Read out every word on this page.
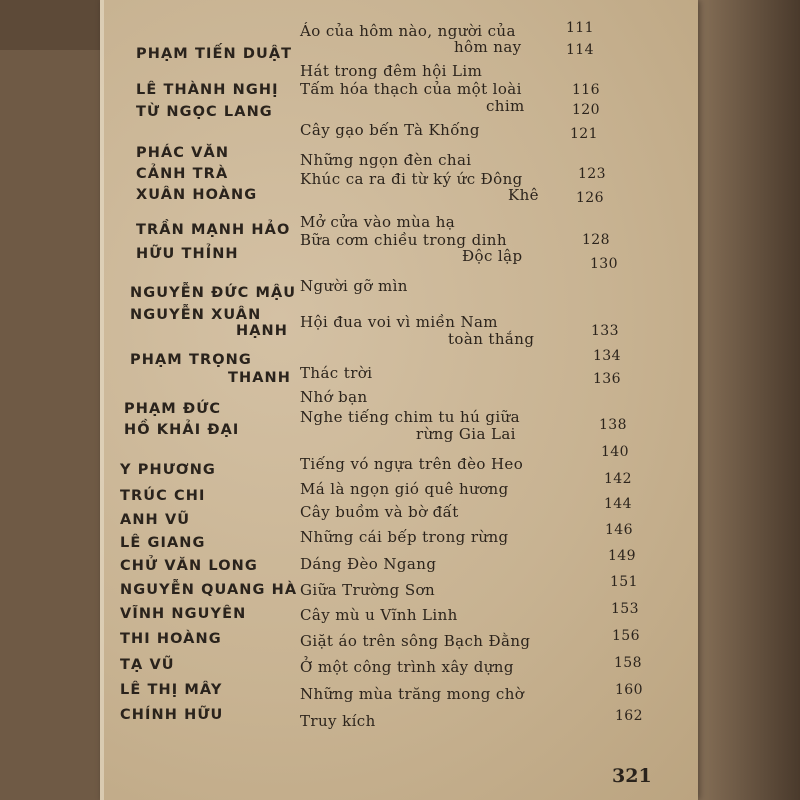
PHẠM TIẾN DUẬT
LÊ THÀNH NGHỊ
TỪ NGỌC LANG
PHÁC VĂN
CẢNH TRÀ
XUÂN HOÀNG
TRẦN MẠNH HẢO
HỮU THỈNH
NGUYỄN ĐỨC MẬU
NGUYỄN XUÂN
HẠNH
PHẠM TRỌNG
THANH
PHẠM ĐỨC
HỒ KHẢI ĐẠI
Y PHƯƠNG
TRÚC CHI
ANH VŨ
LÊ GIANG
CHỬ VĂN LONG
NGUYỄN QUANG HÀ
VĨNH NGUYÊN
THI HOÀNG
TẠ VŨ
LÊ THỊ MÂY
CHÍNH HỮU
Áo của hôm nào, người của
hôm nay
Hát trong đêm hội Lim
Tấm hóa thạch của một loài
chim
Cây gạo bến Tà Khống
Những ngọn đèn chai
Khúc ca ra đi từ ký ức Đông
Khê
Mở cửa vào mùa hạ
Bữa cơm chiều trong dinh
Độc lập
Người gỡ mìn
Hội đua voi vì miền Nam
toàn thắng
Thác trời
Nhớ bạn
Nghe tiếng chim tu hú giữa
rừng Gia Lai
Tiếng vó ngựa trên đèo Heo
Má là ngọn gió quê hương
Cây buồm và bờ đất
Những cái bếp trong rừng
Dáng Đèo Ngang
Giữa Trường Sơn
Cây mù u Vĩnh Linh
Giặt áo trên sông Bạch Đằng
Ở một công trình xây dựng
Những mùa trăng mong chờ
Truy kích
111
114
116
120
121
123
126
128
130
133
134
136
138
140
142
144
146
149
151
153
156
158
160
162
321
